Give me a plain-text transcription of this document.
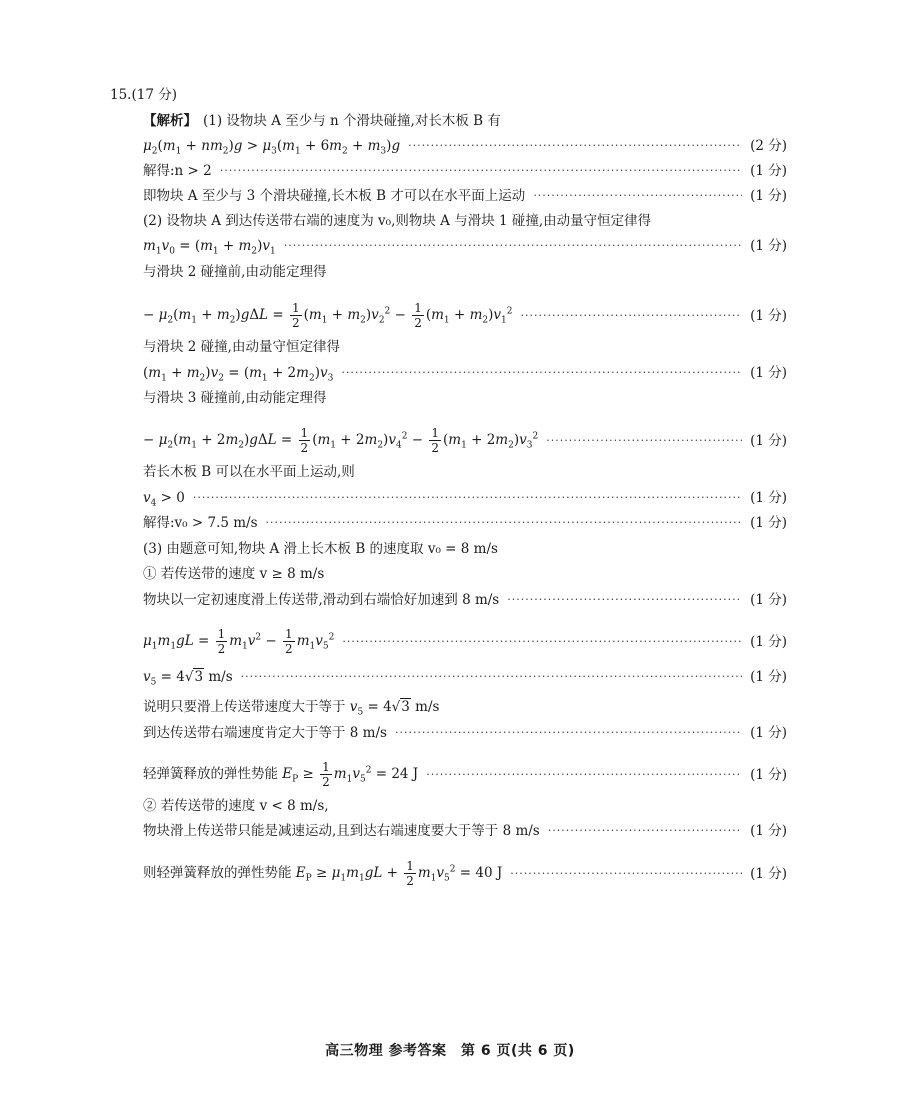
15. (17 分)
【解析】 (1) 设物块 A 至少与 n 个滑块碰撞,对长木板 B 有
$\mu_2(m_1 + nm_2)g > \mu_3(m_1 + 6m_2 + m_3)g$ ·····	(2 分)
解得:n > 2 ·····	(1 分)
即物块 A 至少与 3 个滑块碰撞,长木板 B 才可以在水平面上运动 ·····	(1 分)
(2) 设物块 A 到达传送带右端的速度为 v₀,则物块 A 与滑块 1 碰撞,由动量守恒定律得
$m_1v_0 = (m_1 + m_2)v_1$ ·····	(1 分)
与滑块 2 碰撞前,由动能定理得
− $\mu_2(m_1 + m_2)g\Delta L = \frac{1}{2} (m_1 + m_2)v_2^2 - \frac{1}{2} (m_1 + m_2)v_1^2$ ·····	(1 分)
与滑块 2 碰撞,由动量守恒定律得
$(m_1 + m_2)v_2 = (m_1 + 2m_2)v_3$ ·····	(1 分)
与滑块 3 碰撞前,由动能定理得
− $\mu_2(m_1 + 2m_2)g\Delta L = \frac{1}{2} (m_1 + 2m_2)v_4^2 - \frac{1}{2} (m_1 + 2m_2)v_3^2$ ·····	(1 分)
若长木板 B 可以在水平面上运动,则
$v_4 > 0$ ·····	(1 分)
解得:v₀ > 7.5 m/s ·····	(1 分)
(3) 由题意可知,物块 A 滑上长木板 B 的速度取 v₀ = 8 m/s
① 若传送带的速度 v ≥ 8 m/s
物块以一定初速度滑上传送带,滑动到右端恰好加速到 8 m/s ·····	(1 分)
$\mu_1m_1gL = \frac{1}{2} m_1v^2 - \frac{1}{2} m_1v_5^2$ ·····	(1 分)
$v_5 = 4√3$ m/s ·····	(1 分)
说明只要滑上传送带速度大于等于 $v_5 = 4√3$ m/s
到达传送带右端速度肯定大于等于 8 m/s ·····	(1 分)
轻弹簧释放的弹性势能 $E_P \ge \frac{1}{2} m_1v_5^2 = 24$ J ·····	(1 分)
② 若传送带的速度 v < 8 m/s,
物块滑上传送带只能是减速运动,且到达右端速度要大于等于 8 m/s ·····	(1 分)
则轻弹簧释放的弹性势能 $E_P \ge \mu_1m_1gL + \frac{1}{2} m_1v_5^2 = 40$ J ·····	(1 分)
高三物理 参考答案　第 6 页(共 6 页)
